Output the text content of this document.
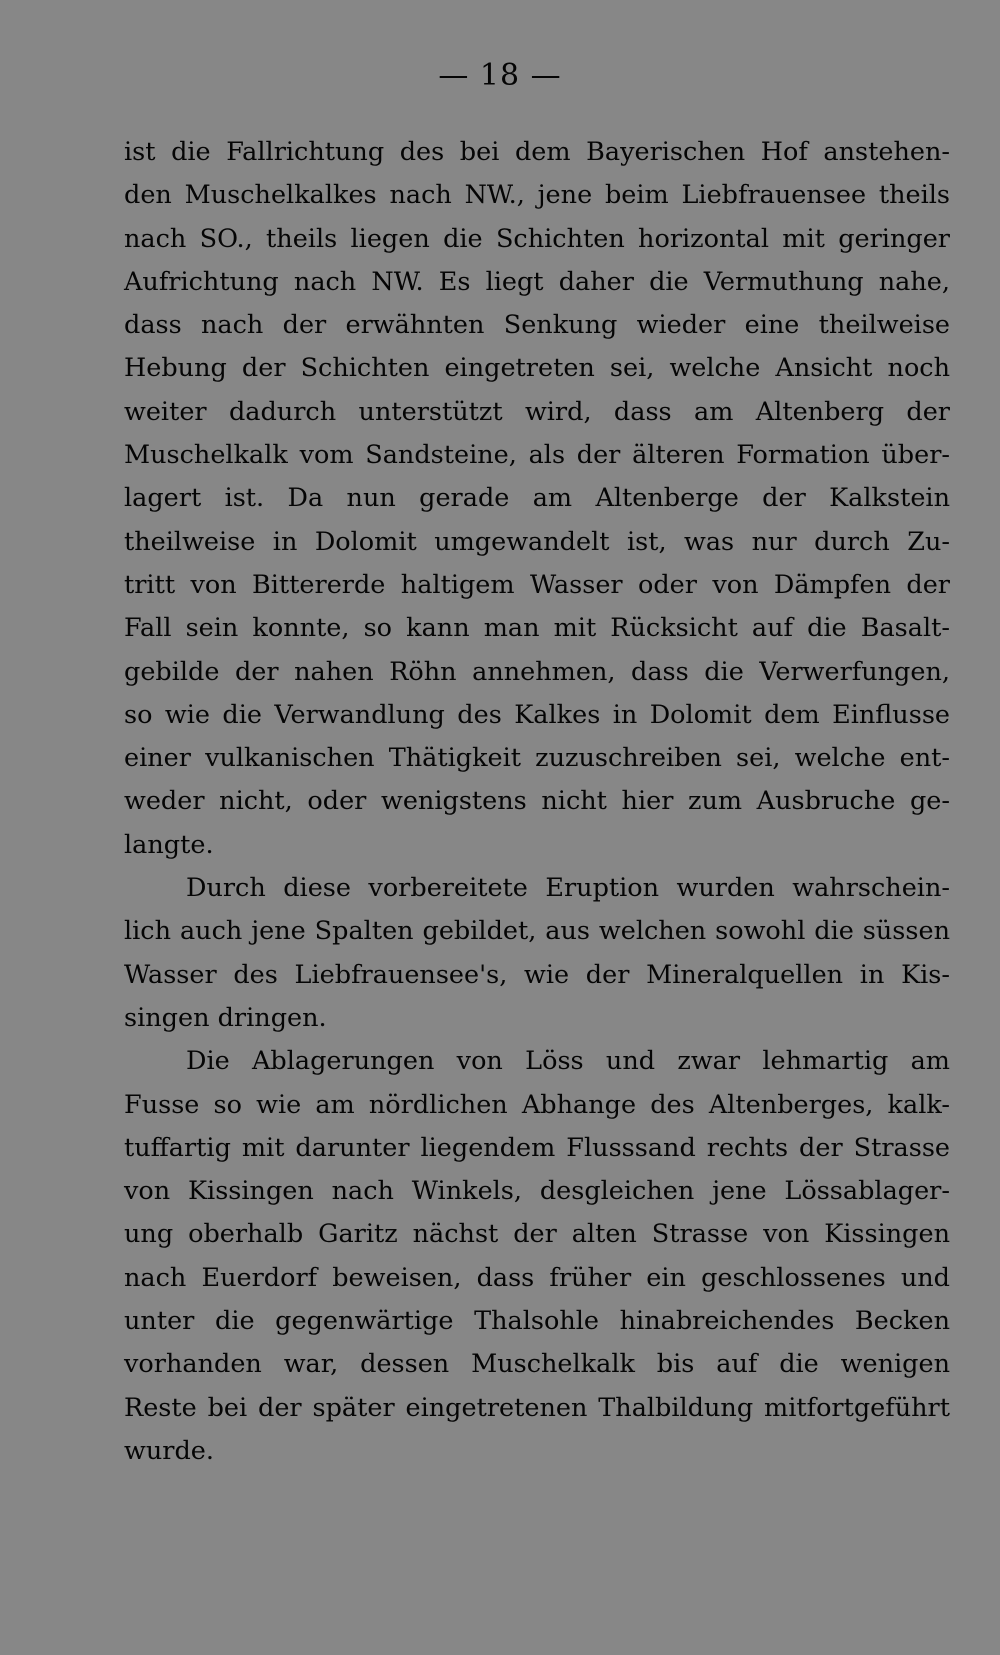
— 18 —
ist die Fallrichtung des bei dem Bayerischen Hof anstehen-
den Muschelkalkes nach NW., jene beim Liebfrauensee theils
nach SO., theils liegen die Schichten horizontal mit geringer
Aufrichtung nach NW. Es liegt daher die Vermuthung nahe,
dass nach der erwähnten Senkung wieder eine theilweise
Hebung der Schichten eingetreten sei, welche Ansicht noch
weiter dadurch unterstützt wird, dass am Altenberg der
Muschelkalk vom Sandsteine, als der älteren Formation über-
lagert ist. Da nun gerade am Altenberge der Kalkstein
theilweise in Dolomit umgewandelt ist, was nur durch Zu-
tritt von Bittererde haltigem Wasser oder von Dämpfen der
Fall sein konnte, so kann man mit Rücksicht auf die Basalt-
gebilde der nahen Röhn annehmen, dass die Verwerfungen,
so wie die Verwandlung des Kalkes in Dolomit dem Einflusse
einer vulkanischen Thätigkeit zuzuschreiben sei, welche ent-
weder nicht, oder wenigstens nicht hier zum Ausbruche ge-
langte.
Durch diese vorbereitete Eruption wurden wahrschein-
lich auch jene Spalten gebildet, aus welchen sowohl die süssen
Wasser des Liebfrauensee's, wie der Mineralquellen in Kis-
singen dringen.
Die Ablagerungen von Löss und zwar lehmartig am
Fusse so wie am nördlichen Abhange des Altenberges, kalk-
tuffartig mit darunter liegendem Flusssand rechts der Strasse
von Kissingen nach Winkels, desgleichen jene Lössablager-
ung oberhalb Garitz nächst der alten Strasse von Kissingen
nach Euerdorf beweisen, dass früher ein geschlossenes und
unter die gegenwärtige Thalsohle hinabreichendes Becken
vorhanden war, dessen Muschelkalk bis auf die wenigen
Reste bei der später eingetretenen Thalbildung mitfortgeführt
wurde.
